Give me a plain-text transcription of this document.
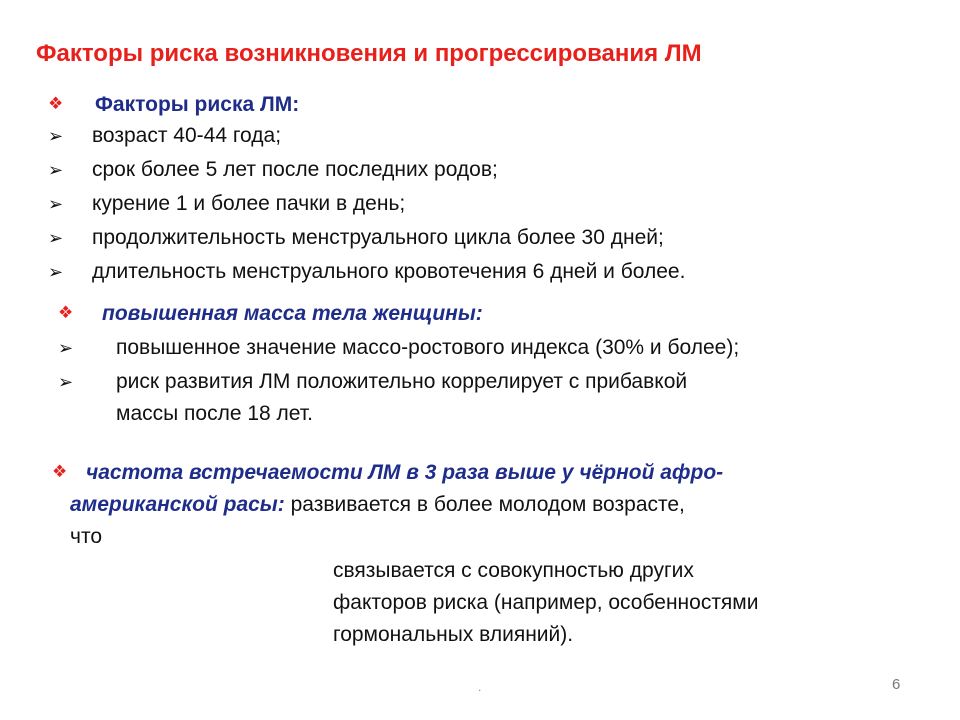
Факторы риска возникновения и прогрессирования ЛМ
❖ Факторы риска ЛМ:
➢ возраст 40-44 года;
➢ срок более 5 лет после последних родов;
➢ курение 1 и более пачки в день;
➢ продолжительность менструального цикла более 30 дней;
➢ длительность менструального кровотечения 6 дней и более.
❖ повышенная масса тела женщины:
➢ повышенное значение массо-ростового индекса (30% и более);
➢ риск развития ЛМ положительно коррелирует с прибавкой
массы после 18 лет.
❖ частота встречаемости ЛМ в 3 раза выше у чёрной афро-
американской расы: развивается в более молодом возрасте,
что
связывается с совокупностью других
факторов риска (например, особенностями
гормональных влияний).
.	6
